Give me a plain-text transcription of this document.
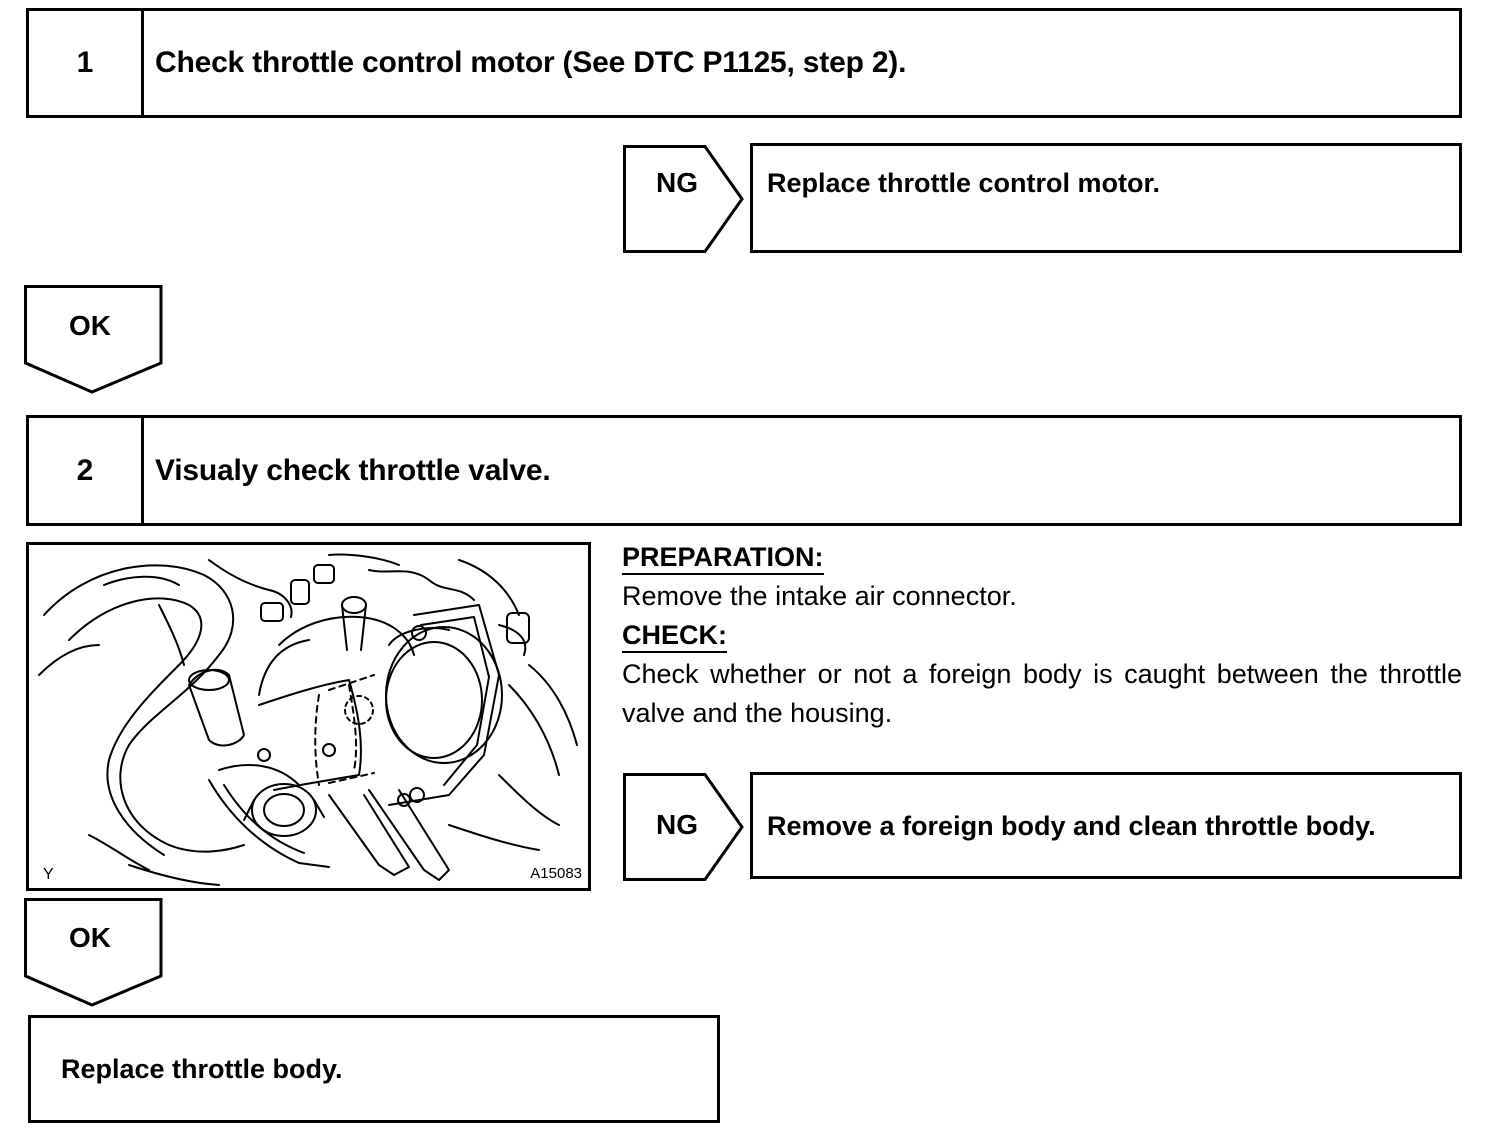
1	Check throttle control motor (See DTC P1125, step 2).
NG	Replace throttle control motor.
OK
2	Visualy check throttle valve.
Y	A15083

PREPARATION:

Remove the intake air connector.

CHECK:

Check whether or not a foreign body is caught between the throttle valve and the housing.

NG	Remove a foreign body and clean throttle body.
OK
Replace throttle body.
